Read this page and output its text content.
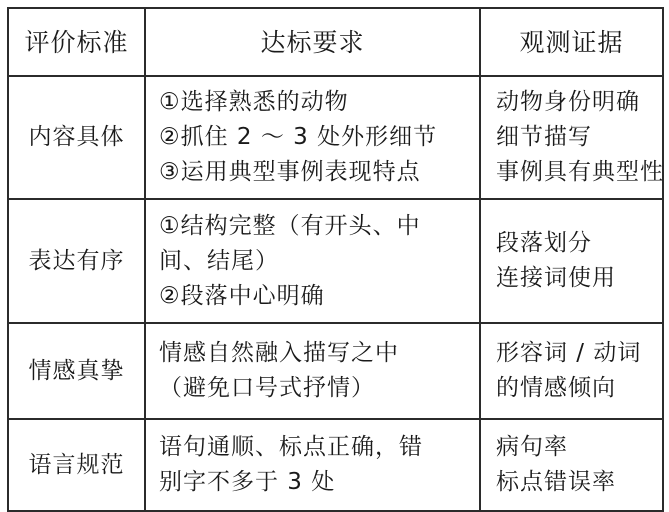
评价标准	达标要求	观测证据
内容具体	①选择熟悉的动物
②抓住 2 ～ 3 处外形细节
③运用典型事例表现特点	动物身份明确
细节描写
事例具有典型性

表达有序	①结构完整（有开头、中
间、结尾）
②段落中心明确	段落划分
连接词使用

情感真挚	情感自然融入描写之中
（避免口号式抒情）	形容词 / 动词
的情感倾向

语言规范	语句通顺、标点正确，错
别字不多于 3 处	病句率
标点错误率
